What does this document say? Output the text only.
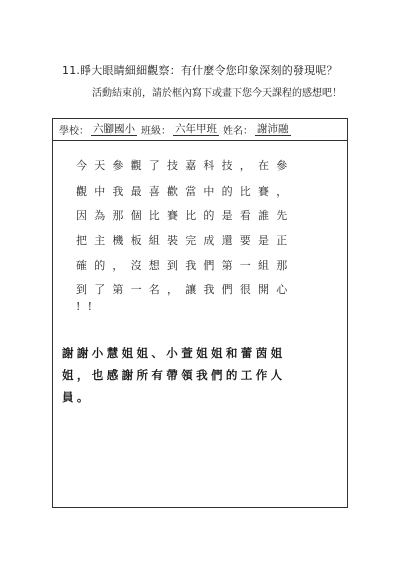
11.睜大眼睛細細觀察：有什麼令您印象深刻的發現呢？
活動結束前，請於框內寫下或畫下您今天課程的感想吧！
學校： 六腳國小 班級： 六年甲班 姓名： 謝沛融
今天參觀了技嘉科技，在參
觀中我最喜歡當中的比賽，
因為那個比賽比的是看誰先
把主機板組裝完成還要是正
確的，沒想到我們第一組那
到了第一名，讓我們很開心
!!
謝謝小慧姐姐、小萱姐姐和蕾茵姐
姐，也感謝所有帶領我們的工作人
員。
